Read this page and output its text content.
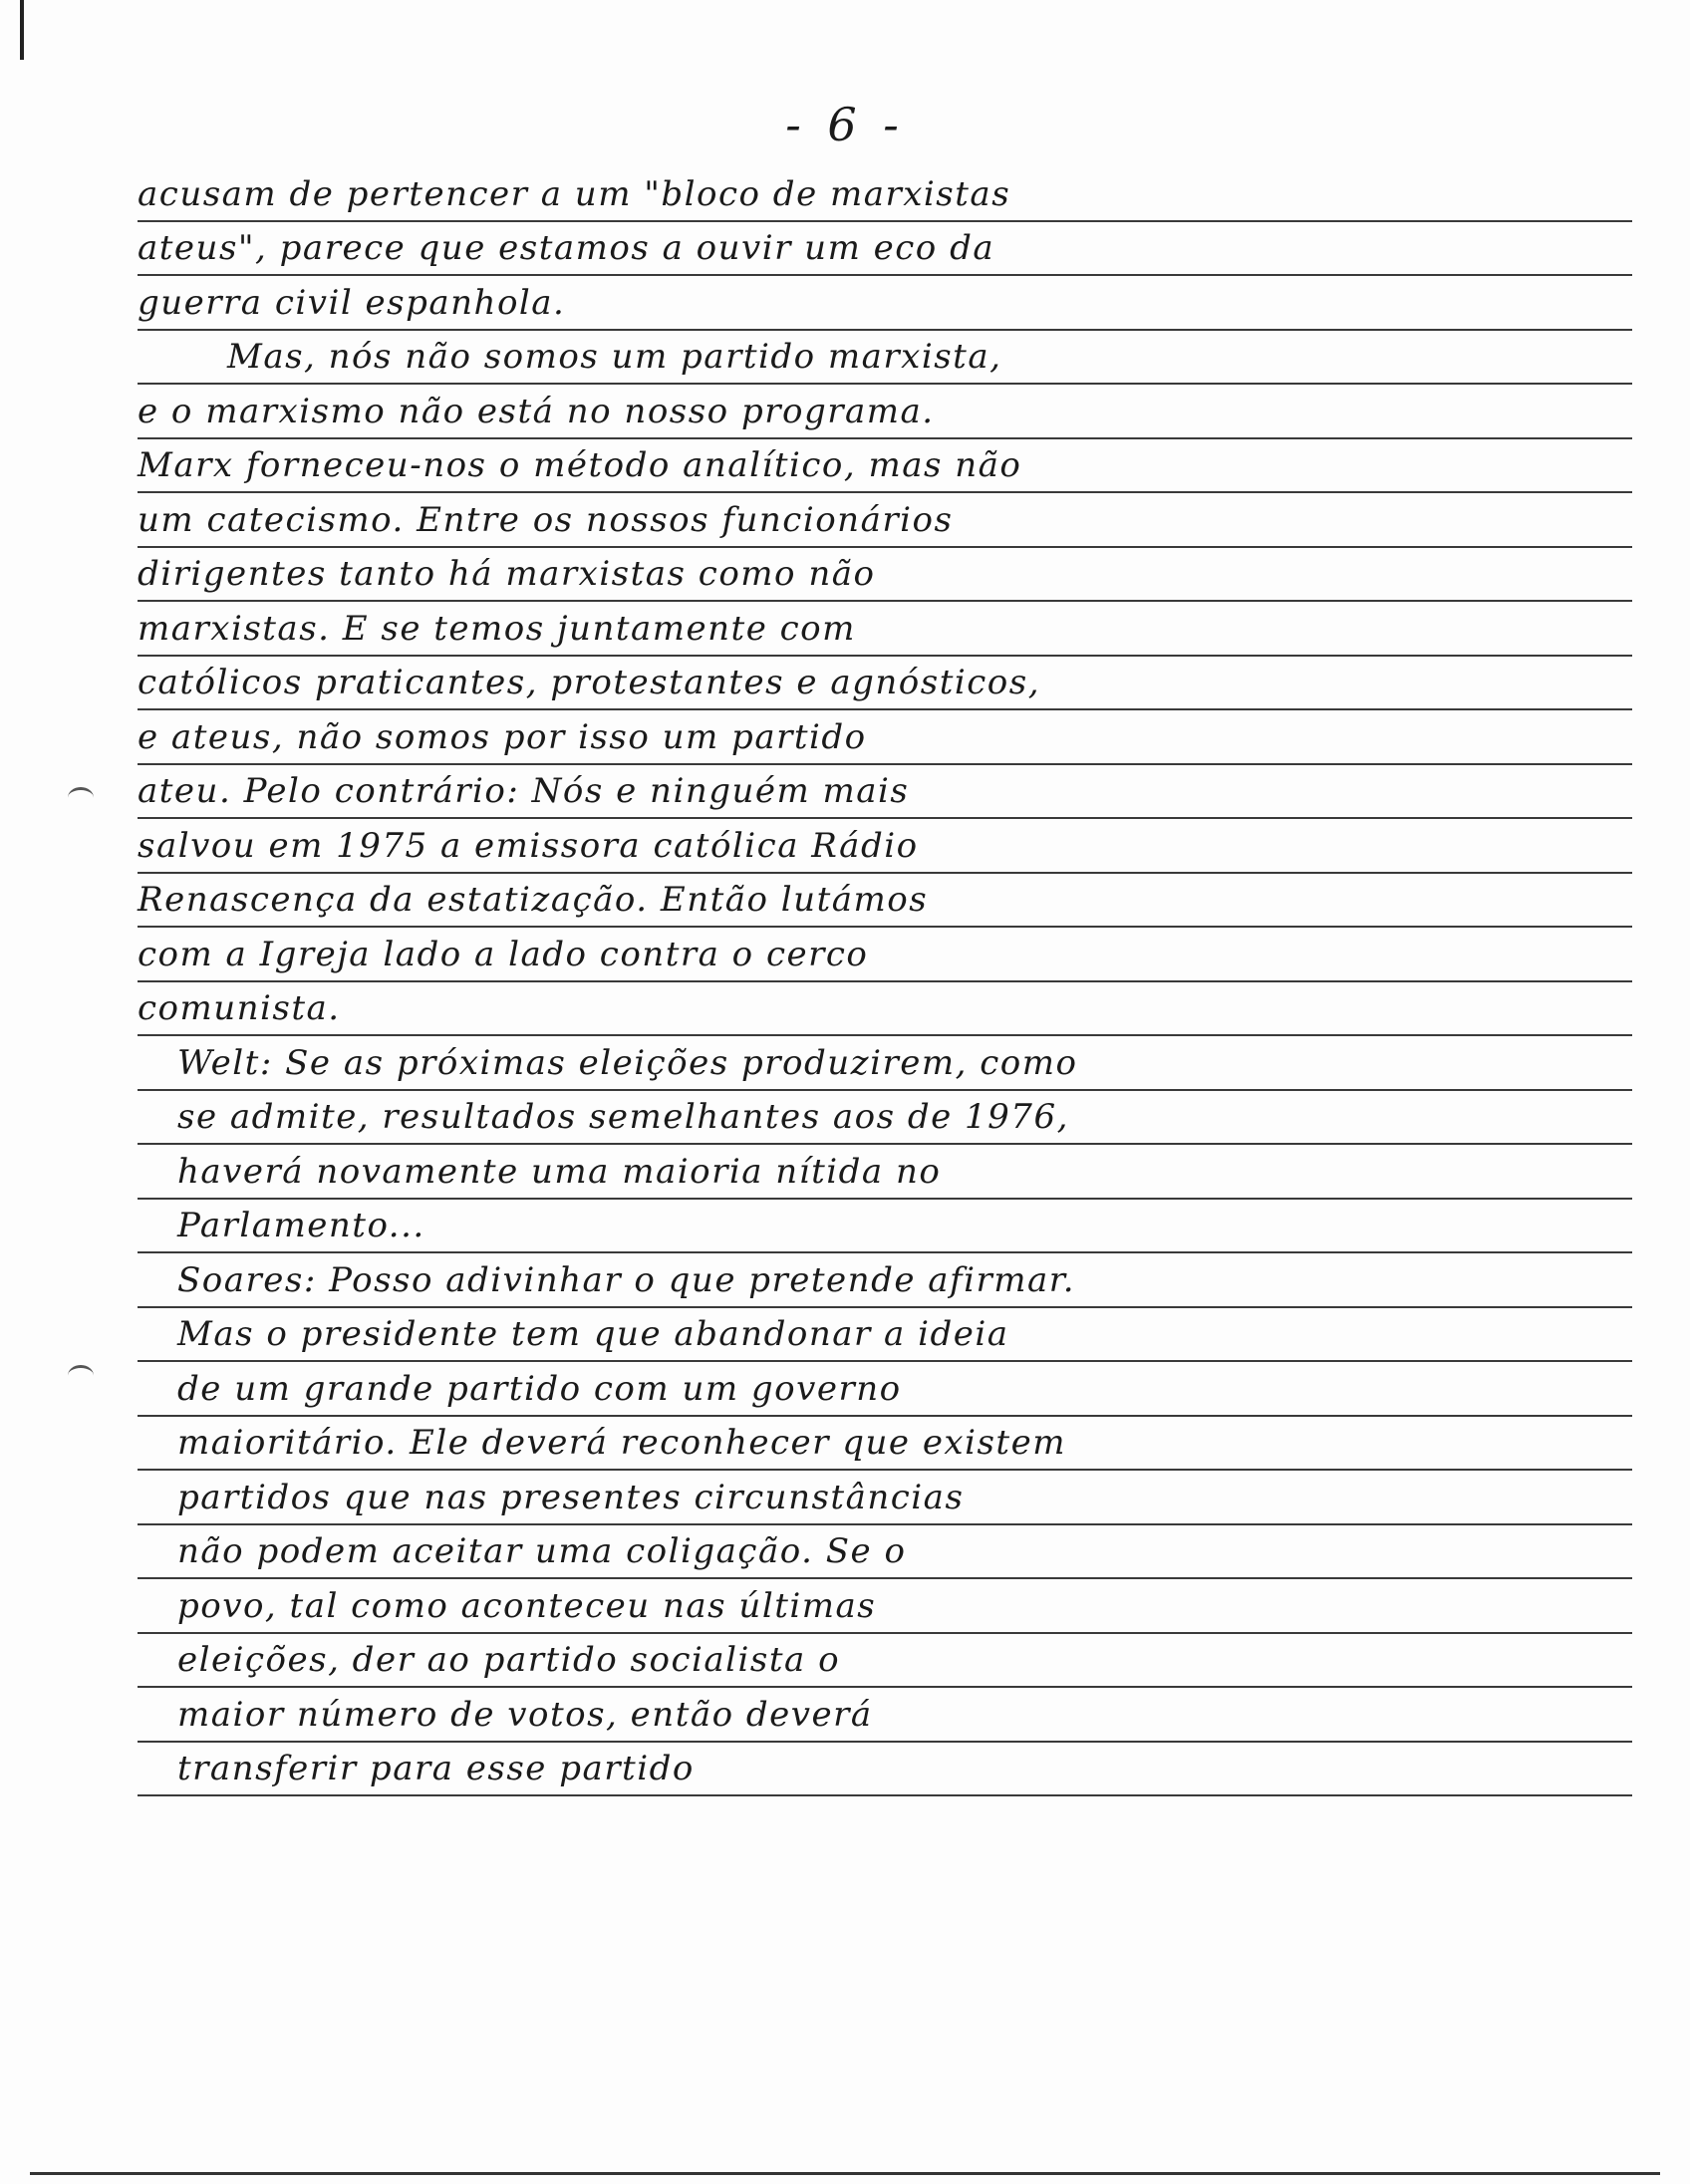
- 6 -
acusam de pertencer a um "bloco de marxistas
ateus", parece que estamos a ouvir um eco da
guerra civil espanhola.
Mas, nós não somos um partido marxista,
e o marxismo não está no nosso programa.
Marx forneceu-nos o método analítico, mas não
um catecismo. Entre os nossos funcionários
dirigentes tanto há marxistas como não
marxistas. E se temos juntamente com
católicos praticantes, protestantes e agnósticos,
e ateus, não somos por isso um partido
ateu. Pelo contrário: Nós e ninguém mais
salvou em 1975 a emissora católica Rádio
Renascença da estatização. Então lutámos
com a Igreja lado a lado contra o cerco
comunista.
Welt: Se as próximas eleições produzirem, como
se admite, resultados semelhantes aos de 1976,
haverá novamente uma maioria nítida no
Parlamento...
Soares: Posso adivinhar o que pretende afirmar.
Mas o presidente tem que abandonar a ideia
de um grande partido com um governo
maioritário. Ele deverá reconhecer que existem
partidos que nas presentes circunstâncias
não podem aceitar uma coligação. Se o
povo, tal como aconteceu nas últimas
eleições, der ao partido socialista o
maior número de votos, então deverá
transferir para esse partido
